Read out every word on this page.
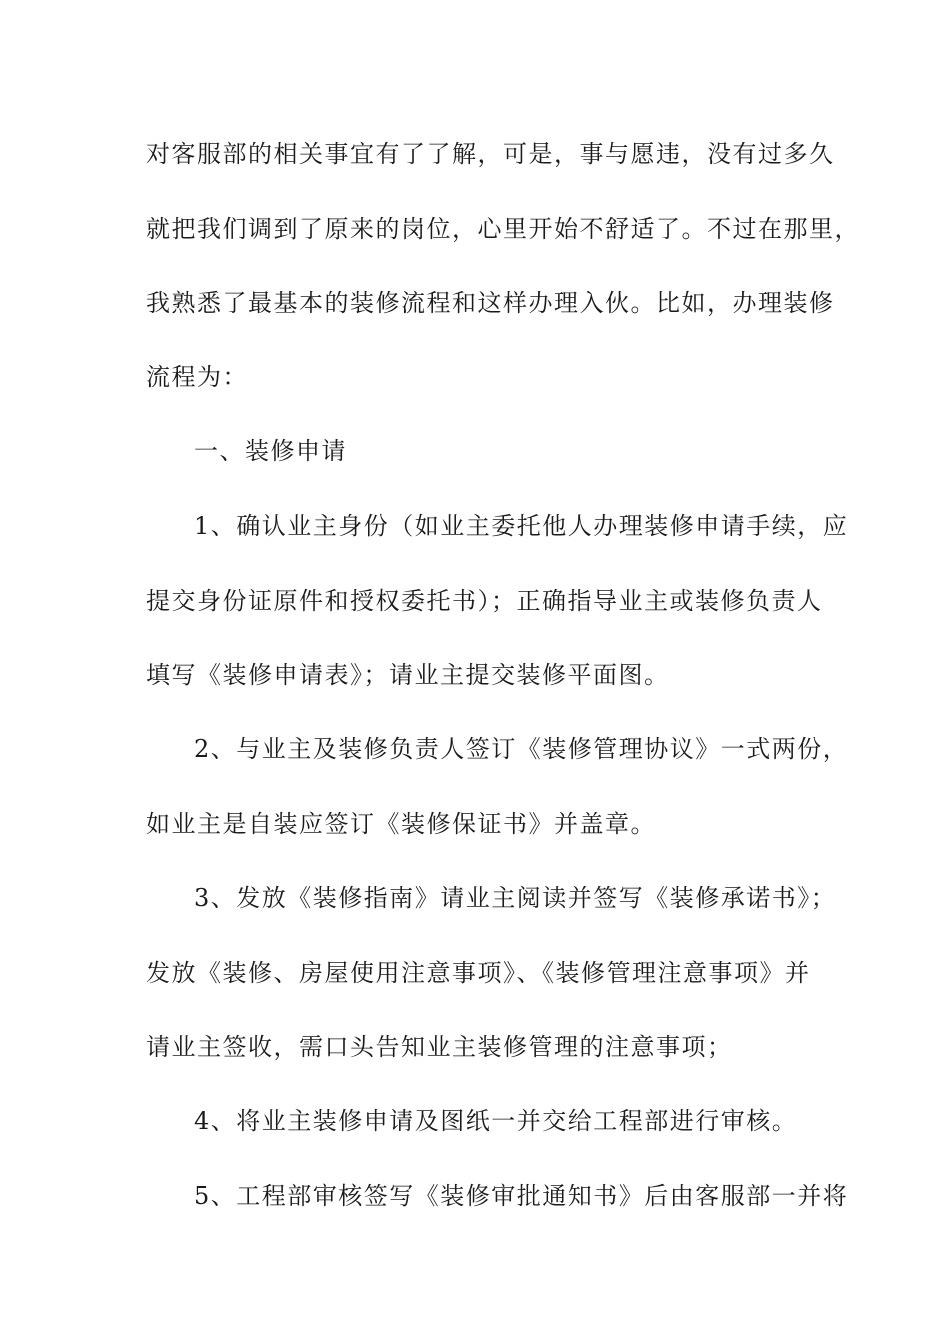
对客服部的相关事宜有了了解，可是，事与愿违，没有过多久
就把我们调到了原来的岗位，心里开始不舒适了。不过在那里，
我熟悉了最基本的装修流程和这样办理入伙。比如，办理装修
流程为：
一、装修申请
1、确认业主身份（如业主委托他人办理装修申请手续，应
提交身份证原件和授权委托书）；正确指导业主或装修负责人
填写《装修申请表》；请业主提交装修平面图。
2、与业主及装修负责人签订《装修管理协议》一式两份，
如业主是自装应签订《装修保证书》并盖章。
3、发放《装修指南》请业主阅读并签写《装修承诺书》；
发放《装修、房屋使用注意事项》、《装修管理注意事项》并
请业主签收，需口头告知业主装修管理的注意事项；
4、将业主装修申请及图纸一并交给工程部进行审核。
5、工程部审核签写《装修审批通知书》后由客服部一并将
